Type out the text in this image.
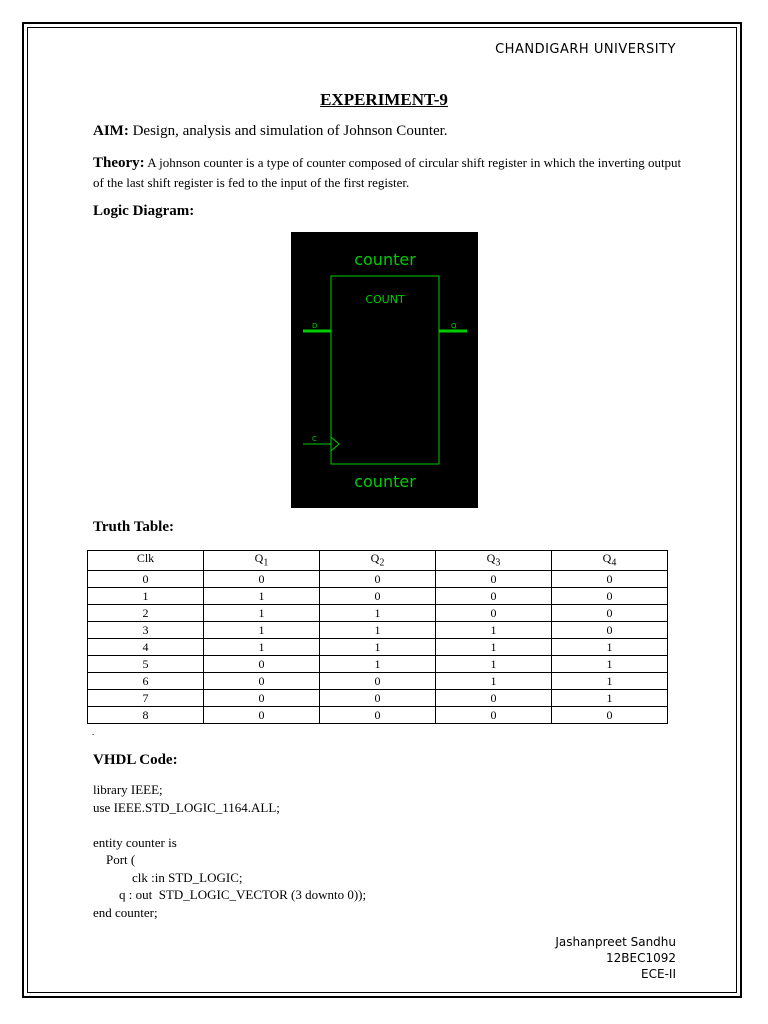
CHANDIGARH UNIVERSITY
EXPERIMENT-9
AIM: Design, analysis and simulation of Johnson Counter.
Theory: A johnson counter is a type of counter composed of circular shift register in which the inverting output of the last shift register is fed to the input of the first register.
Logic Diagram:
counter
COUNT
D	Q
C
counter
Truth Table:
Clk	$Q_1$	$Q_2$	$Q_3$	$Q_4$
0	0	0	0	0
1	1	0	0	0
2	1	1	0	0
3	1	1	1	0
4	1	1	1	1
5	0	1	1	1
6	0	0	1	1
7	0	0	0	1
8	0	0	0	0
.
VHDL Code:
library IEEE;
use IEEE.STD_LOGIC_1164.ALL;
entity counter is
Port (
clk :in STD_LOGIC;
q : out  STD_LOGIC_VECTOR (3 downto 0));
end counter;
Jashanpreet Sandhu
12BEC1092
ECE-II
